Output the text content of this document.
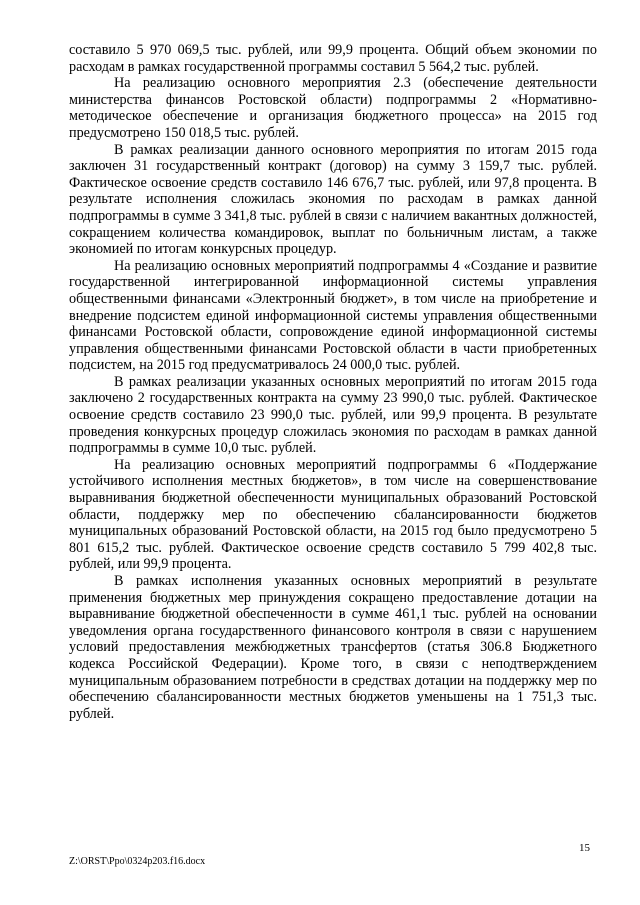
составило 5 970 069,5 тыс. рублей, или 99,9 процента. Общий объем экономии по расходам в рамках государственной программы составил 5 564,2 тыс. рублей.

На реализацию основного мероприятия 2.3 (обеспечение деятельности министерства финансов Ростовской области) подпрограммы 2 «Нормативно-методическое обеспечение и организация бюджетного процесса» на 2015 год предусмотрено 150 018,5 тыс. рублей.

В рамках реализации данного основного мероприятия по итогам 2015 года заключен 31 государственный контракт (договор) на сумму 3 159,7 тыс. рублей. Фактическое освоение средств составило 146 676,7 тыс. рублей, или 97,8 процента. В результате исполнения сложилась экономия по расходам в рамках данной подпрограммы в сумме 3 341,8 тыс. рублей в связи с наличием вакантных должностей, сокращением количества командировок, выплат по больничным листам, а также экономией по итогам конкурсных процедур.

На реализацию основных мероприятий подпрограммы 4 «Создание и развитие государственной интегрированной информационной системы управления общественными финансами «Электронный бюджет», в том числе на приобретение и внедрение подсистем единой информационной системы управления общественными финансами Ростовской области, сопровождение единой информационной системы управления общественными финансами Ростовской области в части приобретенных подсистем, на 2015 год предусматривалось 24 000,0 тыс. рублей.

В рамках реализации указанных основных мероприятий по итогам 2015 года заключено 2 государственных контракта на сумму 23 990,0 тыс. рублей. Фактическое освоение средств составило 23 990,0 тыс. рублей, или 99,9 процента. В результате проведения конкурсных процедур сложилась экономия по расходам в рамках данной подпрограммы в сумме 10,0 тыс. рублей.

На реализацию основных мероприятий подпрограммы 6 «Поддержание устойчивого исполнения местных бюджетов», в том числе на совершенствование выравнивания бюджетной обеспеченности муниципальных образований Ростовской области, поддержку мер по обеспечению сбалансированности бюджетов муниципальных образований Ростовской области, на 2015 год было предусмотрено 5 801 615,2 тыс. рублей. Фактическое освоение средств составило 5 799 402,8 тыс. рублей, или 99,9 процента.

В рамках исполнения указанных основных мероприятий в результате применения бюджетных мер принуждения сокращено предоставление дотации на выравнивание бюджетной обеспеченности в сумме 461,1 тыс. рублей на основании уведомления органа государственного финансового контроля в связи с нарушением условий предоставления межбюджетных трансфертов (статья 306.8 Бюджетного кодекса Российской Федерации). Кроме того, в связи с неподтверждением муниципальным образованием потребности в средствах дотации на поддержку мер по обеспечению сбалансированности местных бюджетов уменьшены на 1 751,3 тыс. рублей.

15
Z:\ORST\Ppo\0324p203.f16.docx
